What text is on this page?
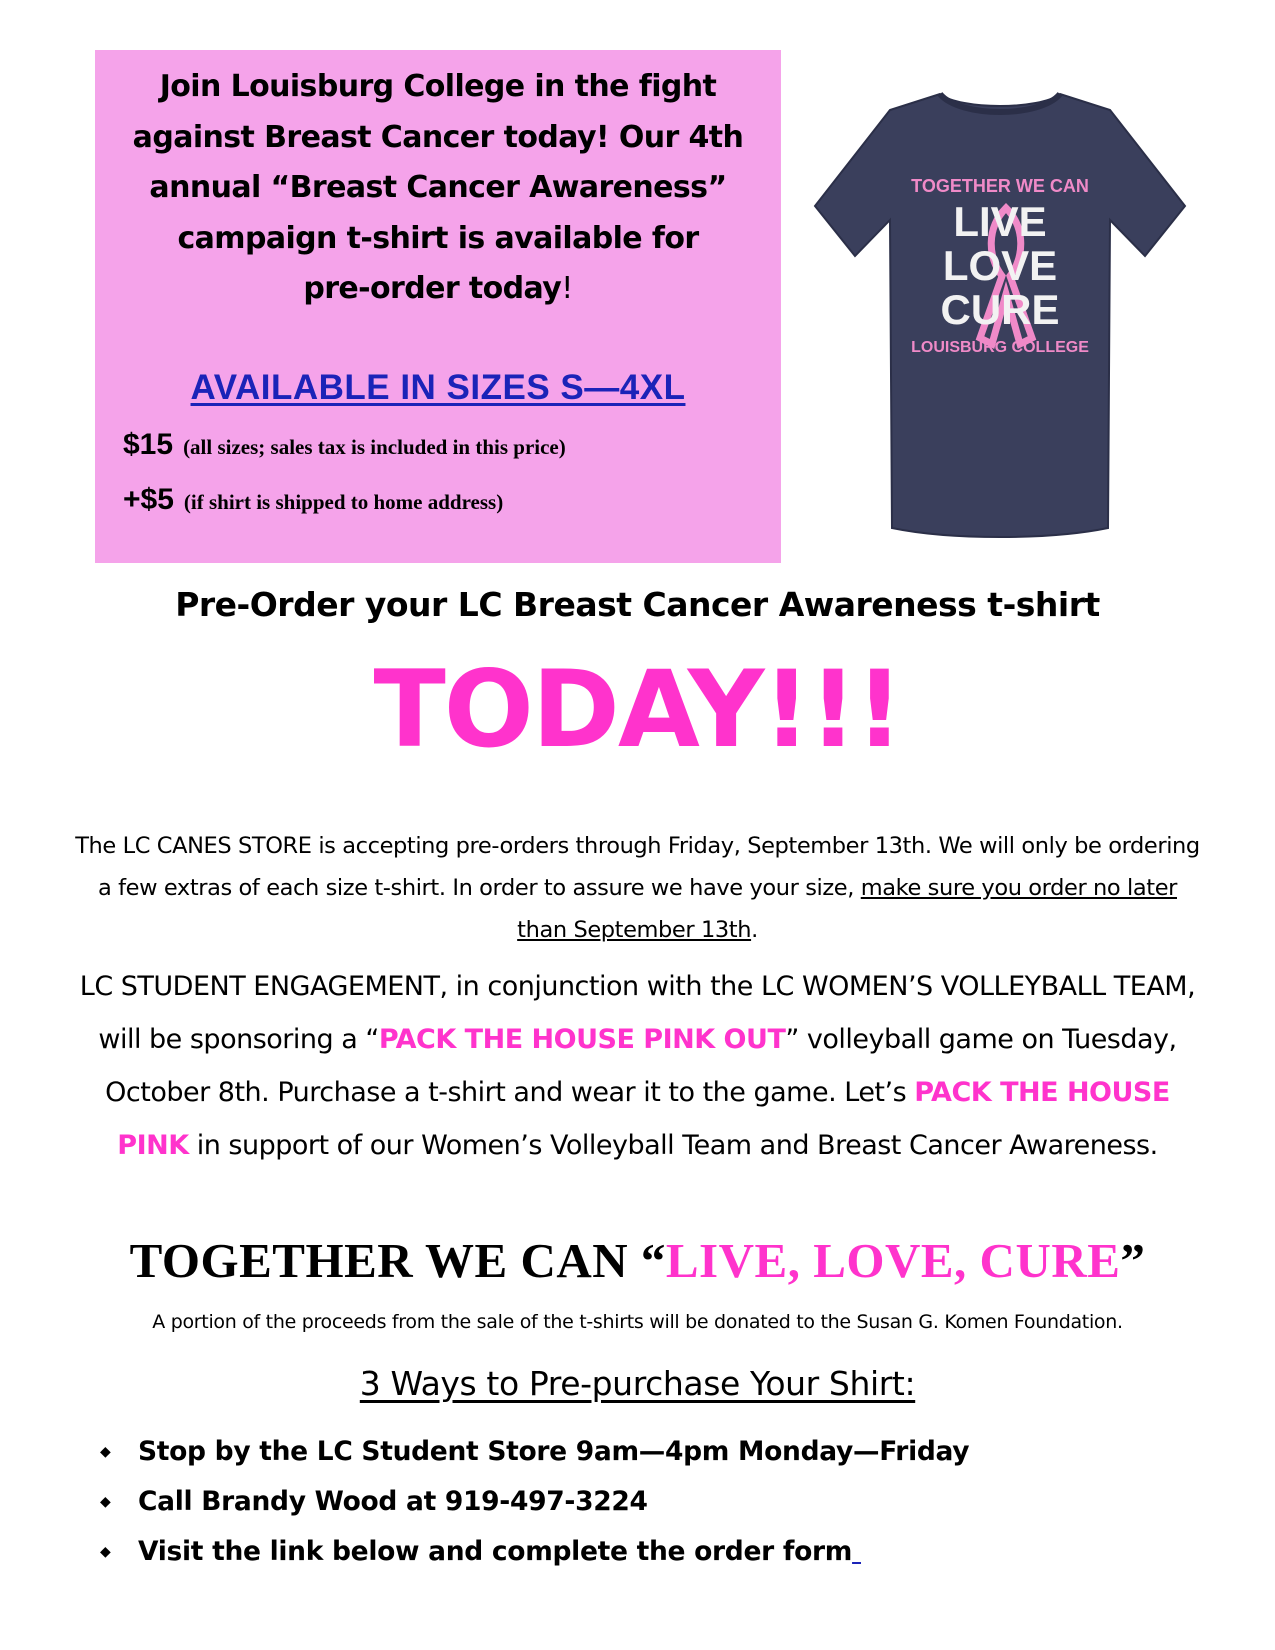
Join Louisburg College in the fight
against Breast Cancer today! Our 4th
annual “Breast Cancer Awareness”
campaign t-shirt is available for
pre-order today!
AVAILABLE IN SIZES S—4XL
$15 (all sizes; sales tax is included in this price)
+$5 (if shirt is shipped to home address)
TOGETHER WE CAN
LIVE
LOVE
CURE
LOUISBURG COLLEGE
Pre-Order your LC Breast Cancer Awareness t-shirt
TODAY!!!
The LC CANES STORE is accepting pre-orders through Friday, September 13th. We will only be ordering a few extras of each size t-shirt. In order to assure we have your size, make sure you order no later than September 13th.
LC STUDENT ENGAGEMENT, in conjunction with the LC WOMEN’S VOLLEYBALL TEAM, will be sponsoring a “PACK THE HOUSE PINK OUT” volleyball game on Tuesday, October 8th. Purchase a t-shirt and wear it to the game. Let’s PACK THE HOUSE PINK in support of our Women’s Volleyball Team and Breast Cancer Awareness.
TOGETHER WE CAN “LIVE, LOVE, CURE”
A portion of the proceeds from the sale of the t-shirts will be donated to the Susan G. Komen Foundation.
3 Ways to Pre-purchase Your Shirt:
◆ Stop by the LC Student Store 9am—4pm Monday—Friday
◆ Call Brandy Wood at 919-497-3224
◆ Visit the link below and complete the order form
